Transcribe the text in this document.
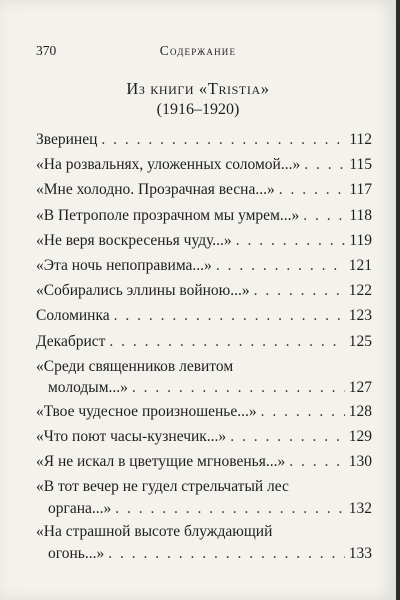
370	Содержание
Из книги «Tristia»
(1916–1920)
Зверинец . . .	112
«На розвальнях, уложенных соломой...» . . .	115
«Мне холодно. Прозрачная весна...» . . .	117
«В Петрополе прозрачном мы умрем...» . . .	118
«Не веря воскресенья чуду...» . . .	119
«Эта ночь непоправима...» . . .	121
«Собирались эллины войною...» . . .	122
Соломинка . . .	123
Декабрист . . .	125
«Среди священников левитом
молодым...» . . .	127
«Твое чудесное произношенье...» . . .	128
«Что поют часы-кузнечик...» . . .	129
«Я не искал в цветущие мгновенья...» . . .	130
«В тот вечер не гудел стрельчатый лес
органа...» . . .	132
«На страшной высоте блуждающий
огонь...» . . .	133
